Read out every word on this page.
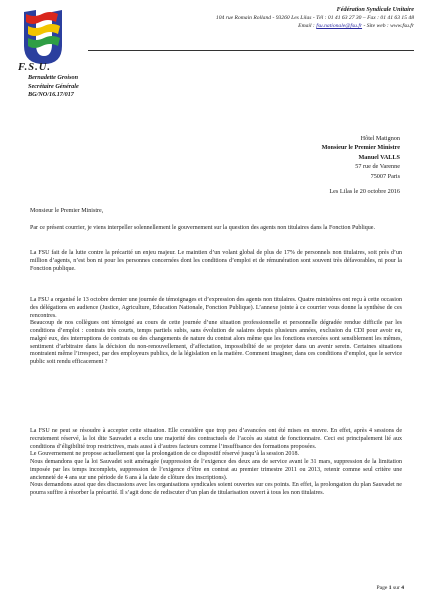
F.S.U.
Fédération Syndicale Unitaire
104 rue Romain Rolland - 93260 Les Lilas - Tél : 01 41 63 27 30 – Fax : 01 41 63 15 48
Email : fsu.nationale@fsu.fr - Site web : www.fsu.fr
Bernadette Groison
Secrétaire Générale
BG/NO/16.17/017
Hôtel Matignon
Monsieur le Premier Ministre
Manuel VALLS
57 rue de Varenne
75007 Paris
Les Lilas le 20 octobre 2016
Monsieur le Premier Ministre,

Par ce présent courrier, je viens interpeller solennellement le gouvernement sur la question des agents non titulaires dans la Fonction Publique.

La FSU fait de la lutte contre la précarité un enjeu majeur. Le maintien d’un volant global de plus de 17% de personnels non titulaires, soit près d’un million d’agents, n’est bon ni pour les personnes concernées dont les conditions d’emploi et de rémunération sont souvent très défavorables, ni pour la Fonction publique.

La FSU a organisé le 13 octobre dernier une journée de témoignages et d’expression des agents non titulaires. Quatre ministères ont reçu à cette occasion des délégations en audience (Justice, Agriculture, Education Nationale, Fonction Publique). L’annexe jointe à ce courrier vous donne la synthèse de ces rencontres.

Beaucoup de nos collègues ont témoigné au cours de cette journée d’une situation professionnelle et personnelle dégradée rendue difficile par les conditions d’emploi : contrats très courts, temps partiels subis, sans évolution de salaires depuis plusieurs années, exclusion du CDI pour avoir eu, malgré eux, des interruptions de contrats ou des changements de nature du contrat alors même que les fonctions exercées sont sensiblement les mêmes, sentiment d’arbitraire dans la décision du non-renouvellement, d’affectation, impossibilité de se projeter dans un avenir serein. Certaines situations montraient même l’irrespect, par des employeurs publics, de la législation en la matière. Comment imaginer, dans ces conditions d’emploi, que le service public soit rendu efficacement ?

La FSU ne peut se résoudre à accepter cette situation. Elle considère que trop peu d’avancées ont été mises en œuvre. En effet, après 4 sessions de recrutement réservé, la loi dite Sauvadet a exclu une majorité des contractuels de l’accès au statut de fonctionnaire. Ceci est principalement lié aux conditions d’éligibilité trop restrictives, mais aussi à d’autres facteurs comme l’insuffisance des formations proposées.

Le Gouvernement ne propose actuellement que la prolongation de ce dispositif réservé jusqu’à la session 2018.

Nous demandons que la loi Sauvadet soit aménagée (suppression de l’exigence des deux ans de service avant le 31 mars, suppression de la limitation imposée par les temps incomplets, suppression de l’exigence d’être en contrat au premier trimestre 2011 ou 2013, retenir comme seul critère une ancienneté de 4 ans sur une période de 6 ans à la date de clôture des inscriptions).

Nous demandons aussi que des discussions avec les organisations syndicales soient ouvertes sur ces points. En effet, la prolongation du plan Sauvadet ne pourra suffire à résorber la précarité. Il s’agit donc de rediscuter d’un plan de titularisation ouvert à tous les non titulaires.

Page 1 sur 4
